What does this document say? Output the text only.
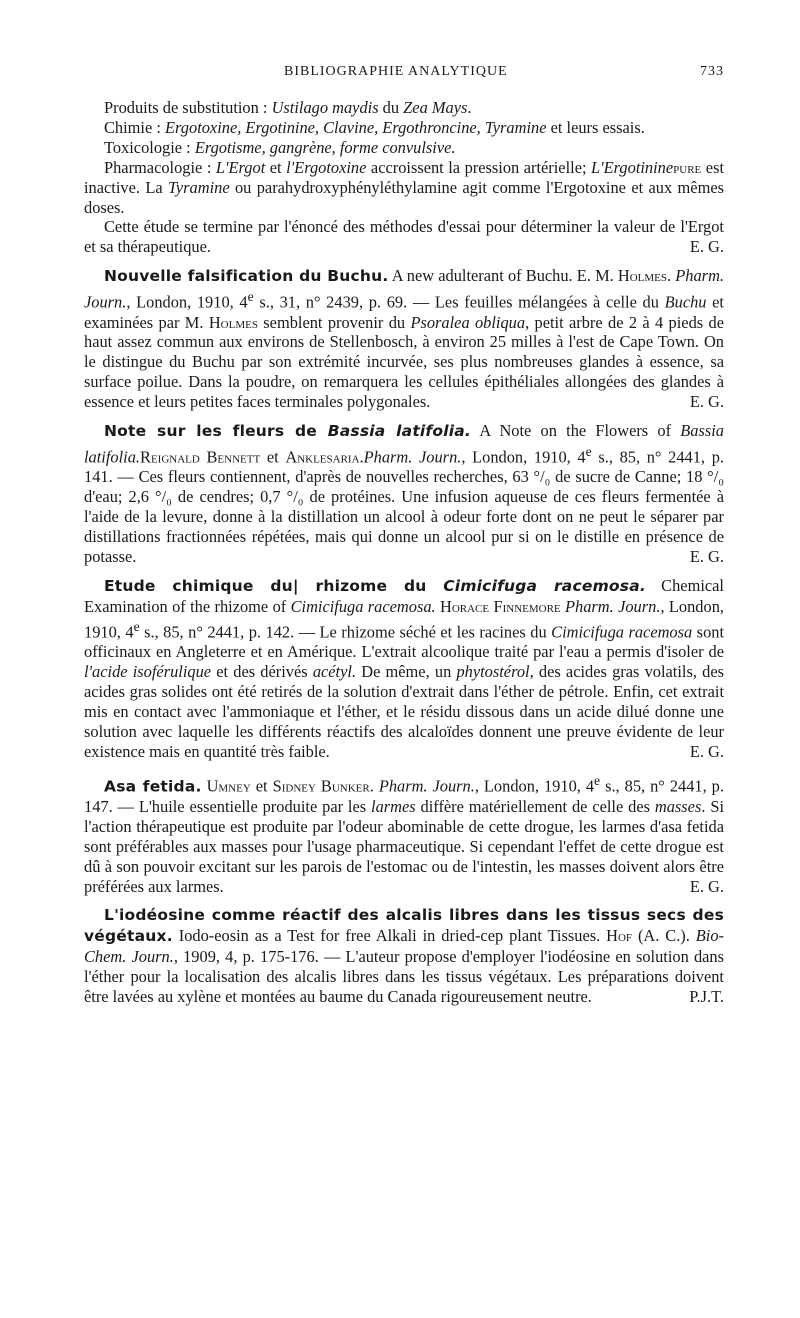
BIBLIOGRAPHIE ANALYTIQUE	733

Produits de substitution : Ustilago maydis du Zea Mays.

Chimie : Ergotoxine, Ergotinine, Clavine, Ergothroncine, Tyramine et leurs essais.

Toxicologie : Ergotisme, gangrène, forme convulsive.

Pharmacologie : L'Ergot et l'Ergotoxine accroissent la pression artérielle; L'Ergotininepure est inactive. La Tyramine ou parahydroxyphényléthylamine agit comme l'Ergotoxine et aux mêmes doses.

Cette étude se termine par l'énoncé des méthodes d'essai pour déterminer la valeur de l'Ergot et sa thérapeutique.	E. G.

Nouvelle falsification du Buchu. A new adulterant of Buchu. E. M. Holmes. Pharm. Journ., London, 1910, 4e s., 31, n° 2439, p. 69. — Les feuilles mélangées à celle du Buchu et examinées par M. Holmes semblent provenir du Psoralea obliqua, petit arbre de 2 à 4 pieds de haut assez commun aux environs de Stellenbosch, à environ 25 milles à l'est de Cape Town. On le distingue du Buchu par son extrémité incurvée, ses plus nombreuses glandes à essence, sa surface poilue. Dans la poudre, on remarquera les cellules épithéliales allongées des glandes à essence et leurs petites faces terminales polygonales.	E. G.

Note sur les fleurs de Bassia latifolia. A Note on the Flowers of Bassia latifolia.Reignald Bennett et Anklesaria.Pharm. Journ., London, 1910, 4e s., 85, n° 2441, p. 141. — Ces fleurs contiennent, d'après de nouvelles recherches, 63 °/₀ de sucre de Canne; 18 °/₀ d'eau; 2,6 °/₀ de cendres; 0,7 °/₀ de protéines. Une infusion aqueuse de ces fleurs fermentée à l'aide de la levure, donne à la distillation un alcool à odeur forte dont on ne peut le séparer par distillations fractionnées répétées, mais qui donne un alcool pur si on le distille en présence de potasse.	E. G.

Etude chimique du| rhizome du Cimicifuga racemosa. Chemical Examination of the rhizome of Cimicifuga racemosa. Horace Finnemore Pharm. Journ., London, 1910, 4e s., 85, n° 2441, p. 142. — Le rhizome séché et les racines du Cimicifuga racemosa sont officinaux en Angleterre et en Amérique. L'extrait alcoolique traité par l'eau a permis d'isoler de l'acide isoférulique et des dérivés acétyl. De même, un phytostérol, des acides gras volatils, des acides gras solides ont été retirés de la solution d'extrait dans l'éther de pétrole. Enfin, cet extrait mis en contact avec l'ammoniaque et l'éther, et le résidu dissous dans un acide dilué donne une solution avec laquelle les différents réactifs des alcaloïdes donnent une preuve évidente de leur existence mais en quantité très faible.	E. G.

Asa fetida. Umney et Sidney Bunker. Pharm. Journ., London, 1910, 4e s., 85, n° 2441, p. 147. — L'huile essentielle produite par les larmes diffère matériellement de celle des masses. Si l'action thérapeutique est produite par l'odeur abominable de cette drogue, les larmes d'asa fetida sont préférables aux masses pour l'usage pharmaceutique. Si cependant l'effet de cette drogue est dû à son pouvoir excitant sur les parois de l'estomac ou de l'intestin, les masses doivent alors être préférées aux larmes.	E. G.

L'iodéosine comme réactif des alcalis libres dans les tissus secs des végétaux. Iodo-eosin as a Test for free Alkali in dried-cep plant Tissues. Hof (A. C.). Bio-Chem. Journ., 1909, 4, p. 175-176. — L'auteur propose d'employer l'iodéosine en solution dans l'éther pour la localisation des alcalis libres dans les tissus végétaux. Les préparations doivent être lavées au xylène et montées au baume du Canada rigoureusement neutre.	P.J.T.
